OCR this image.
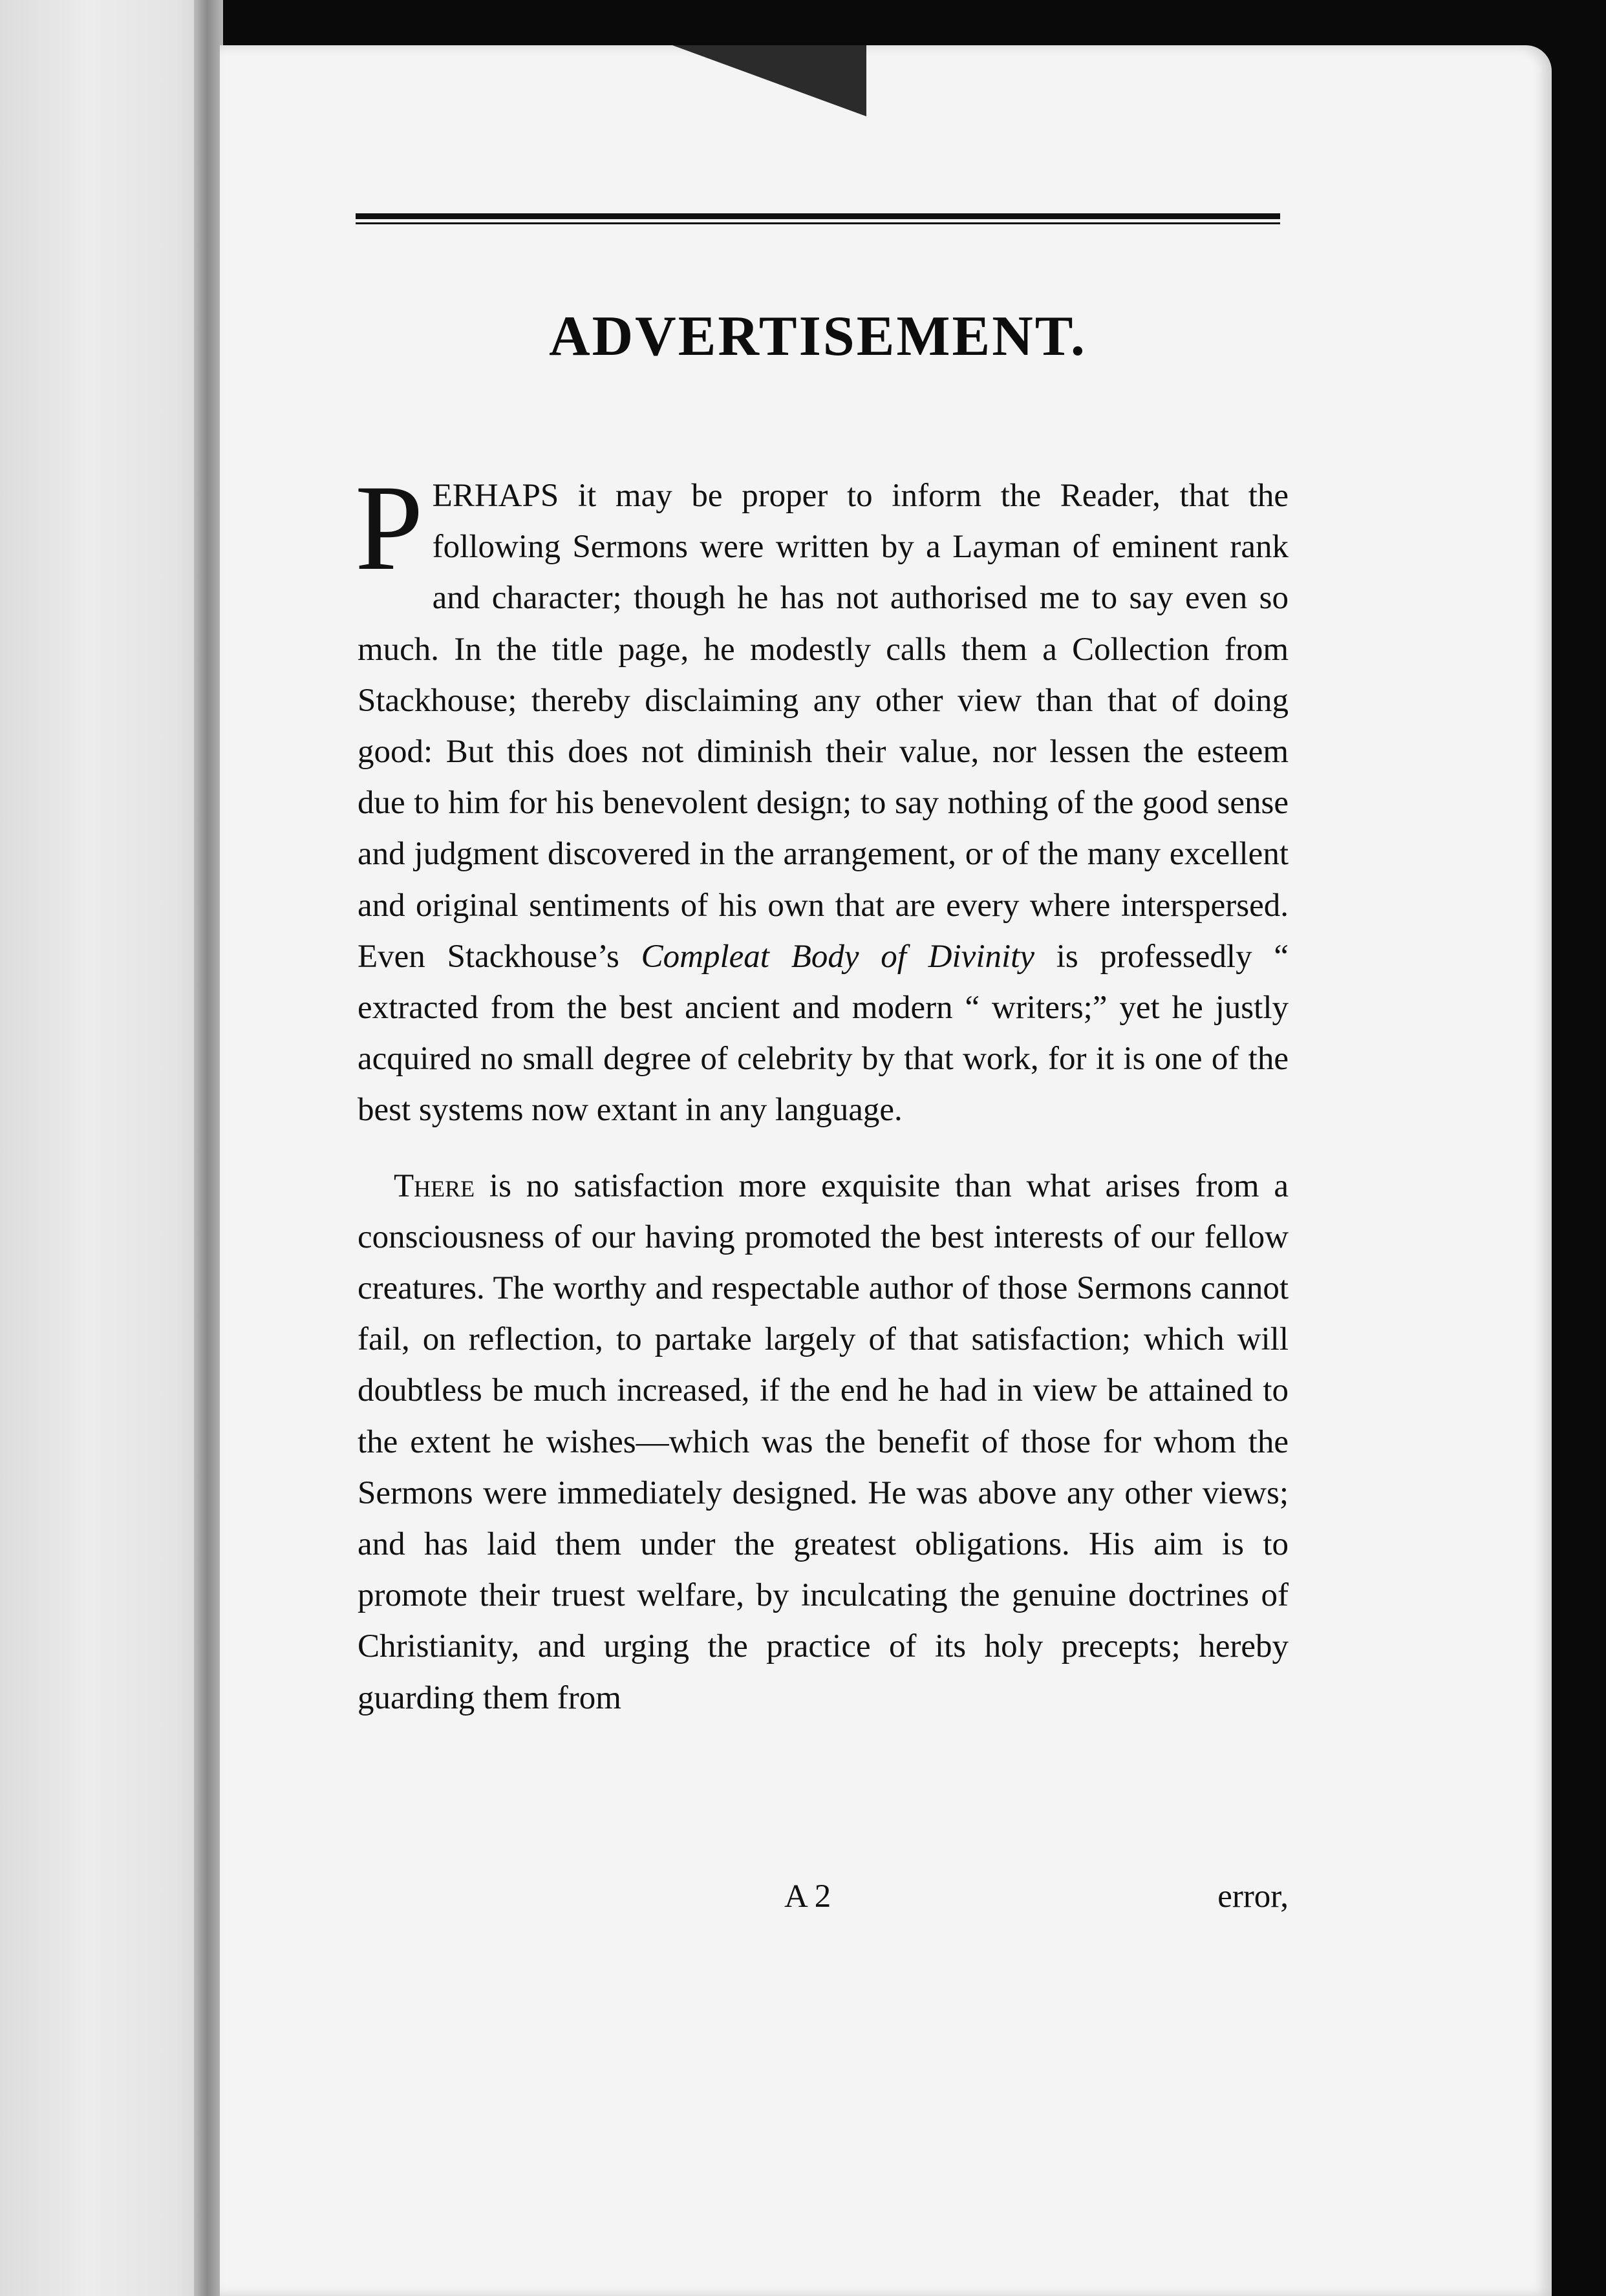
ADVERTISEMENT.

PERHAPS it may be proper to inform the Reader, that the following Sermons were written by a Layman of eminent rank and character; though he has not authorised me to say even so much. In the title page, he modestly calls them a Collection from Stackhouse; thereby disclaiming any other view than that of doing good: But this does not diminish their value, nor lessen the esteem due to him for his benevolent design; to say nothing of the good sense and judgment discovered in the arrangement, or of the many excellent and original sentiments of his own that are every where interspersed. Even Stackhouse’s Compleat Body of Divinity is professedly “ extracted from the best ancient and modern “ writers;” yet he justly acquired no small degree of celebrity by that work, for it is one of the best systems now extant in any language.

There is no satisfaction more exquisite than what arises from a consciousness of our having promoted the best interests of our fellow creatures. The worthy and respectable author of those Sermons cannot fail, on reflection, to partake largely of that satisfaction; which will doubtless be much increased, if the end he had in view be attained to the extent he wishes—which was the benefit of those for whom the Sermons were immediately designed. He was above any other views; and has laid them under the greatest obligations. His aim is to promote their truest welfare, by inculcating the genuine doctrines of Christianity, and urging the practice of its holy precepts; hereby guarding them from

A 2	error,
